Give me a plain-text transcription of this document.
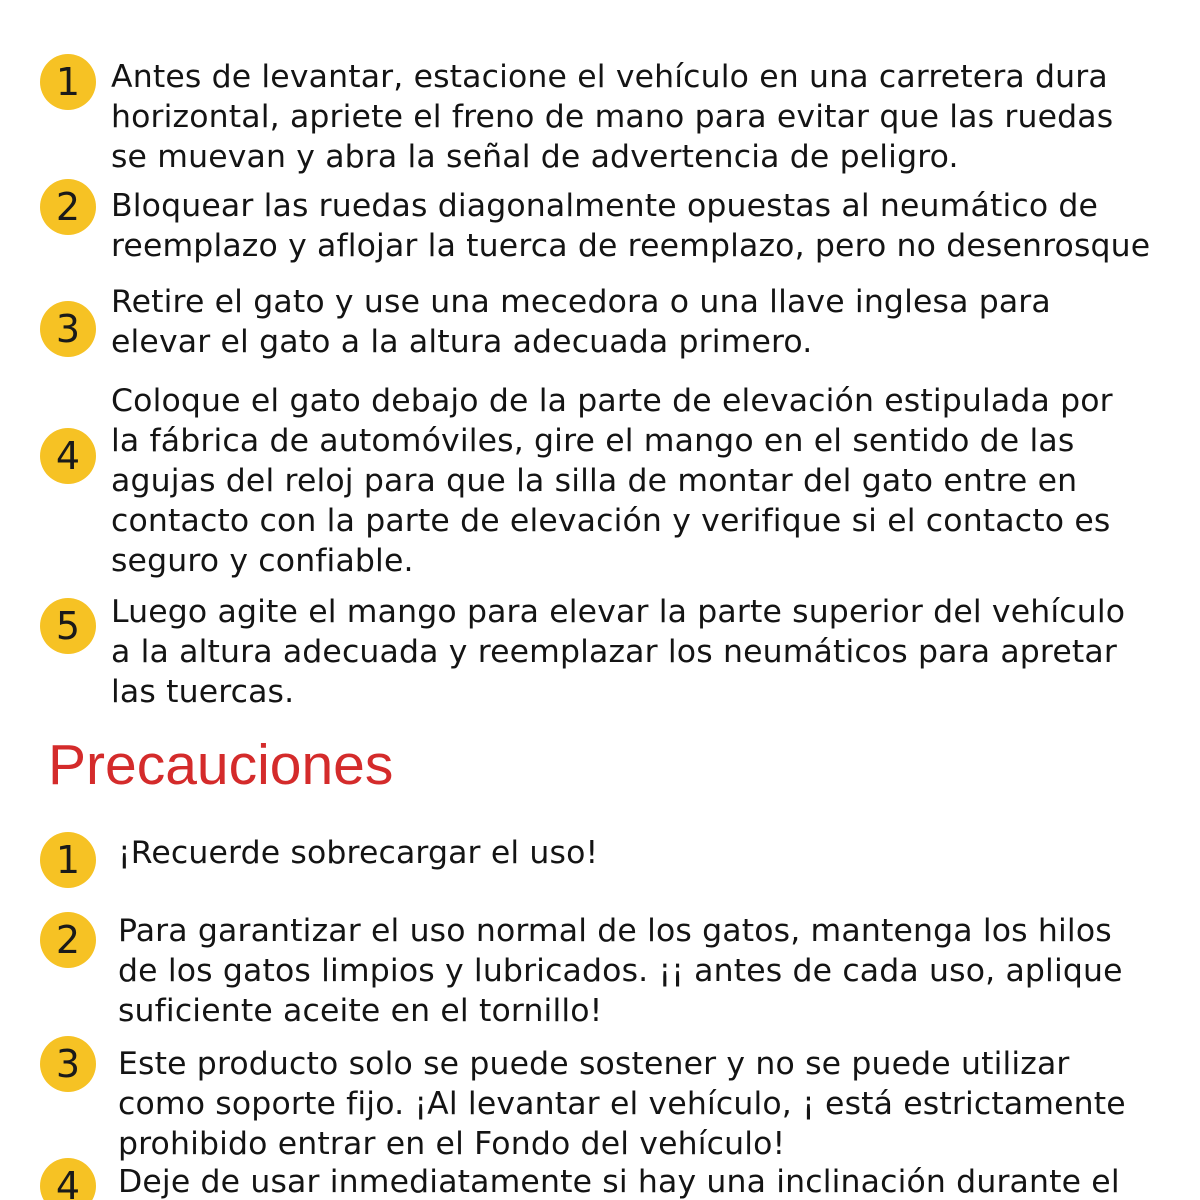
1 Antes de levantar, estacione el vehículo en una carretera dura
horizontal, apriete el freno de mano para evitar que las ruedas
se muevan y abra la señal de advertencia de peligro.

2 Bloquear las ruedas diagonalmente opuestas al neumático de
reemplazo y aflojar la tuerca de reemplazo, pero no desenrosque

3

Retire el gato y use una mecedora o una llave inglesa para
elevar el gato a la altura adecuada primero.

4

Coloque el gato debajo de la parte de elevación estipulada por
la fábrica de automóviles, gire el mango en el sentido de las
agujas del reloj para que la silla de montar del gato entre en
contacto con la parte de elevación y verifique si el contacto es
seguro y confiable.

5 Luego agite el mango para elevar la parte superior del vehículo
a la altura adecuada y reemplazar los neumáticos para apretar
las tuercas.

Precauciones
1	¡Recuerde sobrecargar el uso!

2	Para garantizar el uso normal de los gatos, mantenga los hilos
de los gatos limpios y lubricados. ¡¡ antes de cada uso, aplique
suficiente aceite en el tornillo!

3	Este producto solo se puede sostener y no se puede utilizar
como soporte fijo. ¡Al levantar el vehículo, ¡ está estrictamente
prohibido entrar en el Fondo del vehículo!

4	Deje de usar inmediatamente si hay una inclinación durante el
